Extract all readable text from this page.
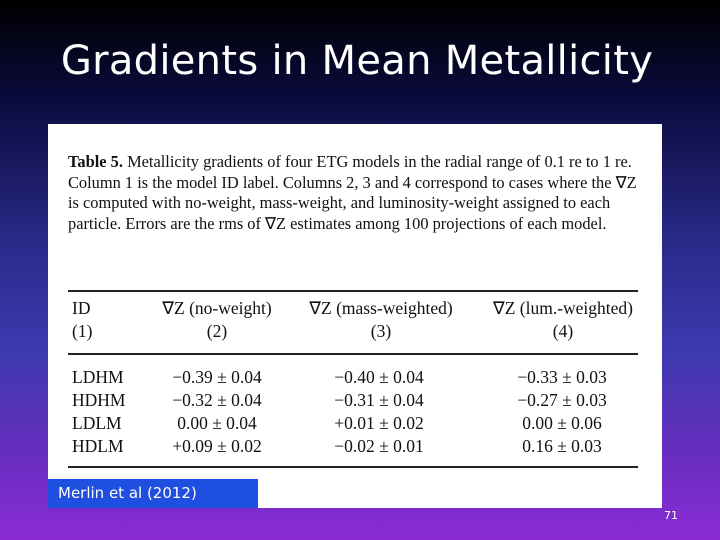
Gradients in Mean Metallicity
Table 5. Metallicity gradients of four ETG models in the radial range of 0.1 re to 1 re. Column 1 is the model ID label. Columns 2, 3 and 4 correspond to cases where the ∇Z is computed with no-weight, mass-weight, and luminosity-weight assigned to each particle. Errors are the rms of ∇Z estimates among 100 projections of each model.
ID	∇Z (no-weight)	∇Z (mass-weighted)	∇Z (lum.-weighted)
(1)	(2)	(3)	(4)
LDHM	−0.39 ± 0.04	−0.40 ± 0.04	−0.33 ± 0.03
HDHM	−0.32 ± 0.04	−0.31 ± 0.04	−0.27 ± 0.03
LDLM	0.00 ± 0.04	+0.01 ± 0.02	0.00 ± 0.06
HDLM	+0.09 ± 0.02	−0.02 ± 0.01	0.16 ± 0.03
Merlin et al (2012)
71
